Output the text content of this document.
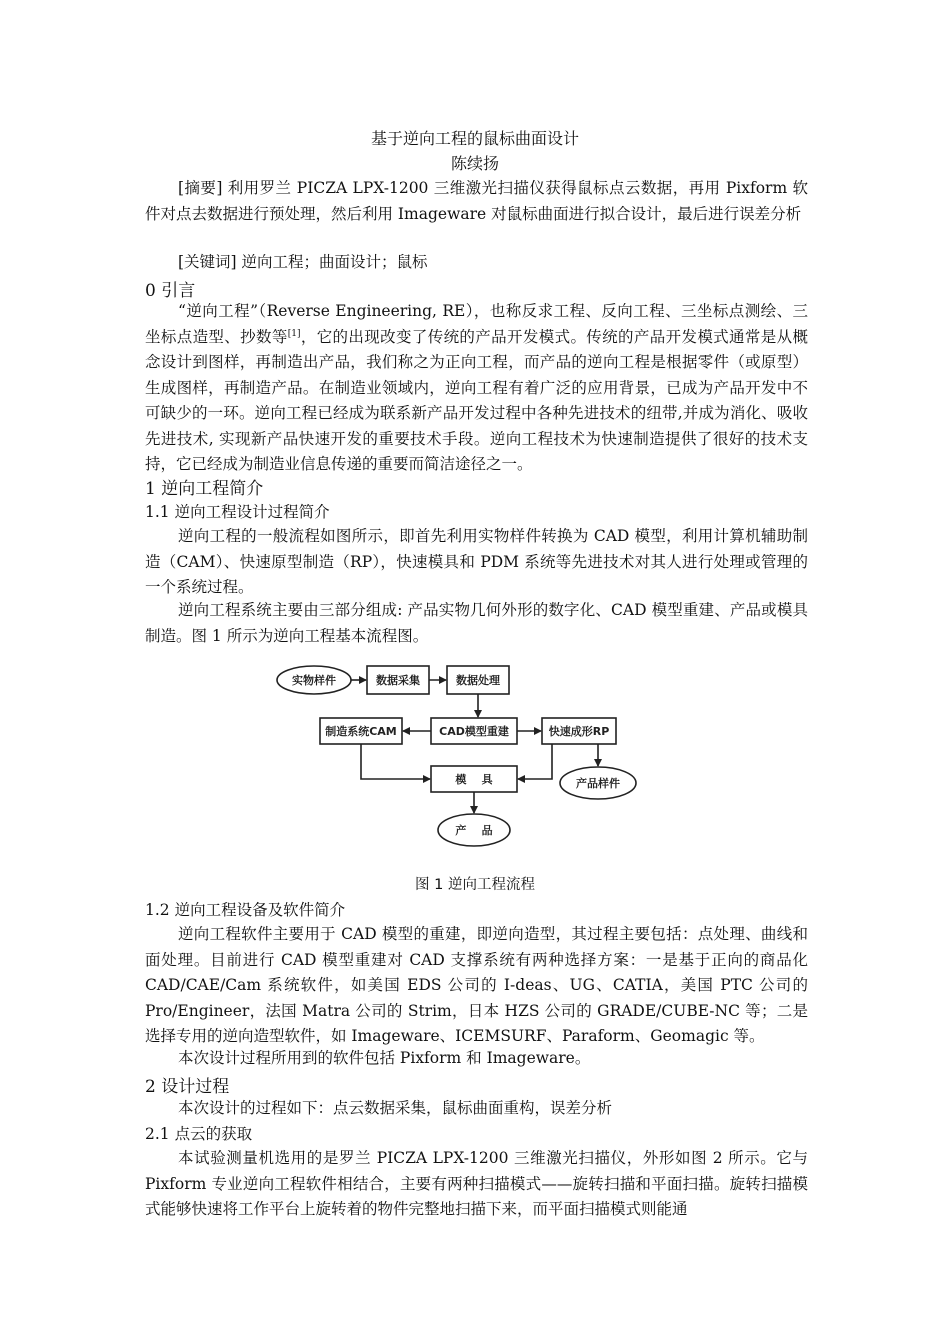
基于逆向工程的鼠标曲面设计
陈续扬

[摘要] 利用罗兰 PICZA LPX-1200 三维激光扫描仪获得鼠标点云数据，再用 Pixform 软件对点去数据进行预处理，然后利用 Imageware 对鼠标曲面进行拟合设计，最后进行误差分析

[关键词] 逆向工程；曲面设计；鼠标

0 引言

“逆向工程”（Reverse Engineering, RE），也称反求工程、反向工程、三坐标点测绘、三坐标点造型、抄数等[1]，它的出现改变了传统的产品开发模式。传统的产品开发模式通常是从概念设计到图样，再制造出产品，我们称之为正向工程，而产品的逆向工程是根据零件（或原型）生成图样，再制造产品。在制造业领域内，逆向工程有着广泛的应用背景，已成为产品开发中不可缺少的一环。逆向工程已经成为联系新产品开发过程中各种先进技术的纽带,并成为消化、吸收先进技术, 实现新产品快速开发的重要技术手段。逆向工程技术为快速制造提供了很好的技术支持，它已经成为制造业信息传递的重要而简洁途径之一。

1 逆向工程简介
1.1 逆向工程设计过程简介

逆向工程的一般流程如图所示，即首先利用实物样件转换为 CAD 模型，利用计算机辅助制造（CAM）、快速原型制造（RP），快速模具和 PDM 系统等先进技术对其人进行处理或管理的一个系统过程。

逆向工程系统主要由三部分组成: 产品实物几何外形的数字化、CAD 模型重建、产品或模具制造。图 1 所示为逆向工程基本流程图。

实物样件	数据采集	数据处理
制造系统CAM	CAD模型重建	快速成形RP
模    具	产品样件
产    品
图 1 逆向工程流程
1.2 逆向工程设备及软件简介

逆向工程软件主要用于 CAD 模型的重建，即逆向造型，其过程主要包括：点处理、曲线和面处理。目前进行 CAD 模型重建对 CAD 支撑系统有两种选择方案：一是基于正向的商品化 CAD/CAE/Cam 系统软件，如美国 EDS 公司的 I-deas、UG、CATIA，美国 PTC 公司的 Pro/Engineer，法国 Matra 公司的 Strim，日本 HZS 公司的 GRADE/CUBE-NC 等；二是选择专用的逆向造型软件，如 Imageware、ICEMSURF、Paraform、Geomagic 等。

本次设计过程所用到的软件包括 Pixform 和 Imageware。

2 设计过程

本次设计的过程如下：点云数据采集，鼠标曲面重构，误差分析

2.1 点云的获取

本试验测量机选用的是罗兰 PICZA LPX-1200 三维激光扫描仪，外形如图 2 所示。它与 Pixform 专业逆向工程软件相结合，主要有两种扫描模式——旋转扫描和平面扫描。旋转扫描模式能够快速将工作平台上旋转着的物件完整地扫描下来，而平面扫描模式则能通
